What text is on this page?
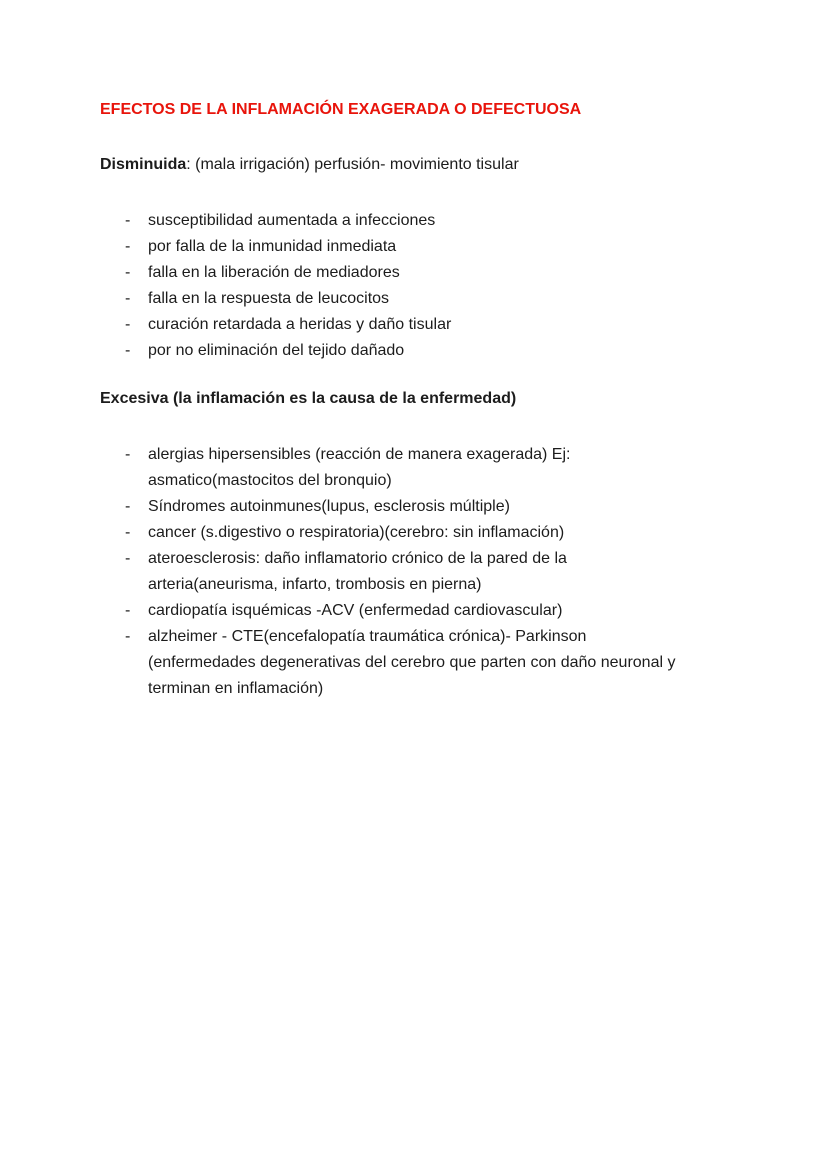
EFECTOS DE LA INFLAMACIÓN EXAGERADA O DEFECTUOSA

Disminuida: (mala irrigación) perfusión- movimiento tisular

-	susceptibilidad aumentada a infecciones
-	por falla de la inmunidad inmediata
-	falla en la liberación de mediadores
-	falla en la respuesta de leucocitos
-	curación retardada a heridas y daño tisular
-	por no eliminación del tejido dañado

Excesiva (la inflamación es la causa de la enfermedad)

-	alergias hipersensibles (reacción de manera exagerada) Ej: asmatico(mastocitos del bronquio)
-	Síndromes autoinmunes(lupus, esclerosis múltiple)
-	cancer (s.digestivo o respiratoria)(cerebro: sin inflamación)
-	ateroesclerosis: daño inflamatorio crónico de la pared de la arteria(aneurisma, infarto, trombosis en pierna)
-	cardiopatía isquémicas -ACV (enfermedad cardiovascular)
-	alzheimer - CTE(encefalopatía traumática crónica)- Parkinson (enfermedades degenerativas del cerebro que parten con daño neuronal y terminan en inflamación)
